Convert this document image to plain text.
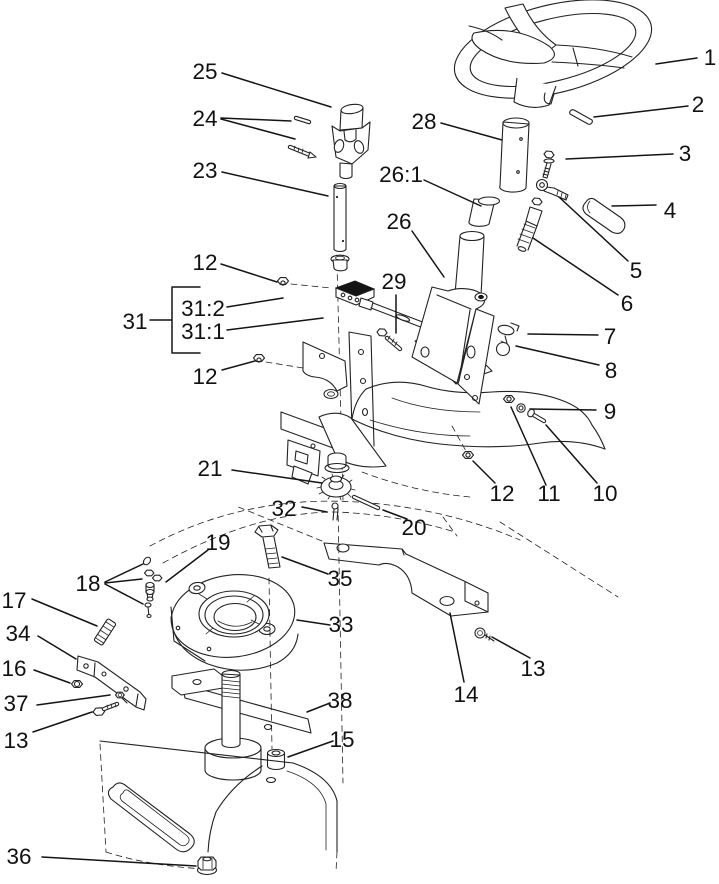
1
2
3
4
5
6
7
8
9
10
11
12
12
12
25
24
23
28
26:1
26
29
31
31:2
31:1
21
32
20
35
19
18
17
34
16
37
13
36
33
38
15
14
13
